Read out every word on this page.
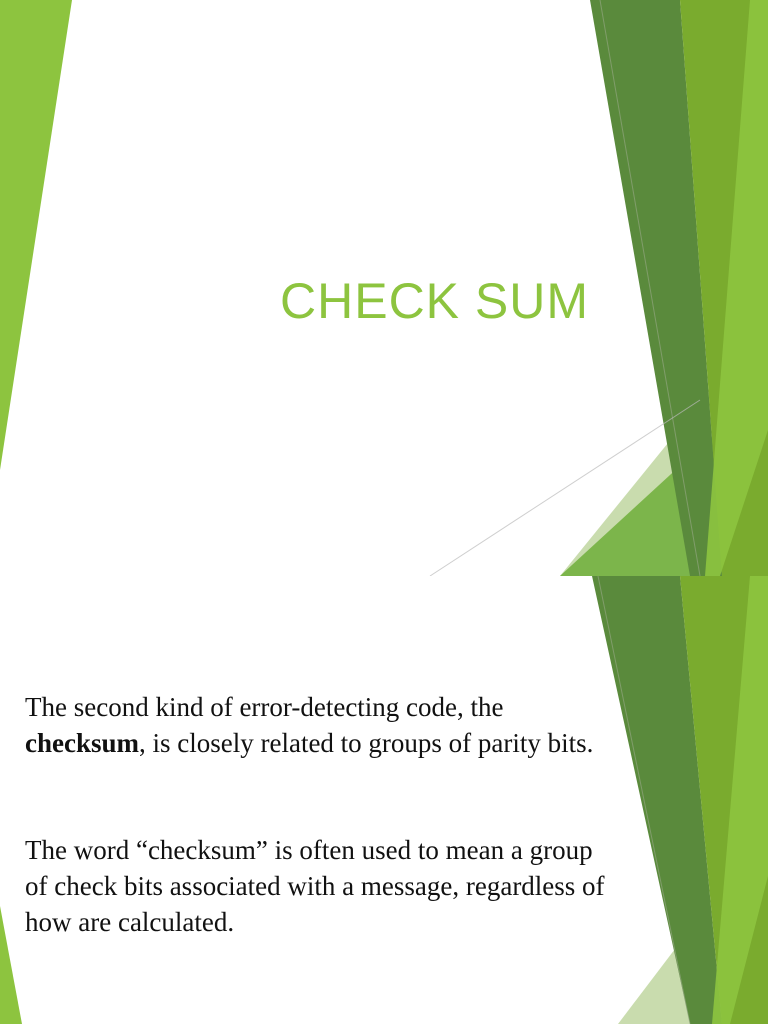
CHECK SUM

The second kind of error-detecting code, the checksum, is closely related to groups of parity bits.

The word “checksum” is often used to mean a group of check bits associated with a message, regardless of how are calculated.
